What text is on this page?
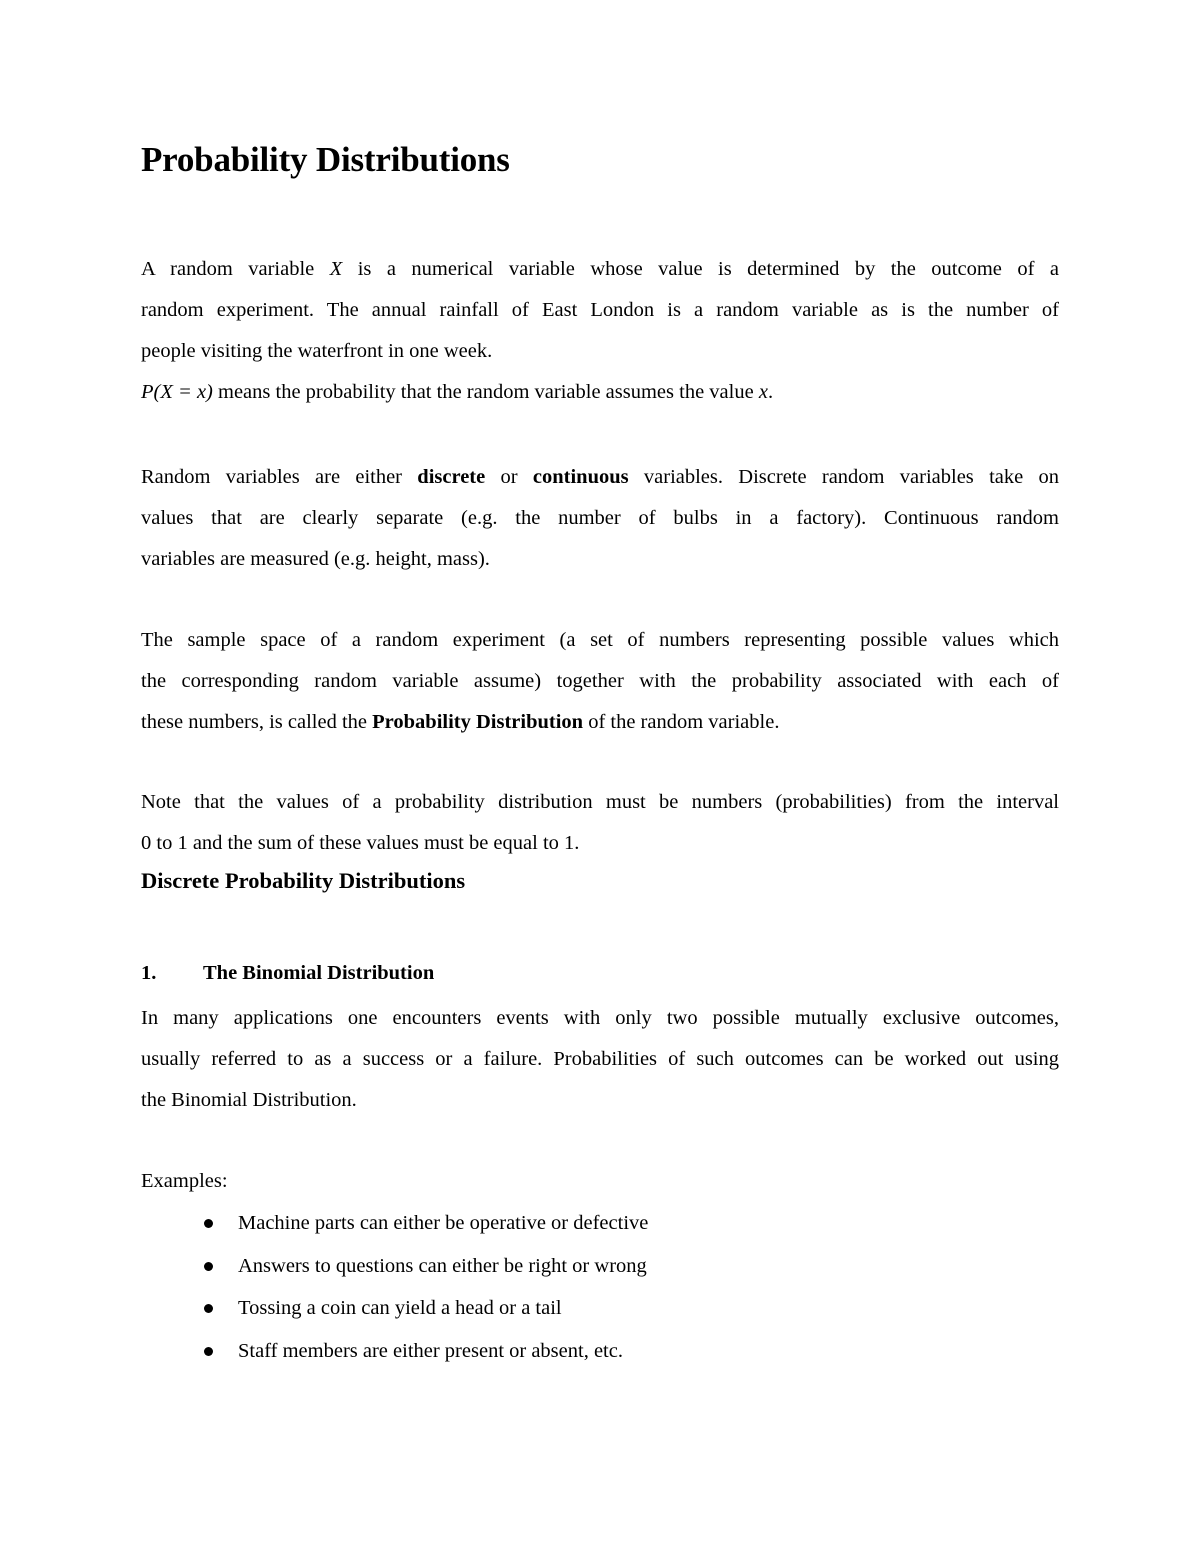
Probability Distributions
A random variable X is a numerical variable whose value is determined by the outcome of a
random experiment. The annual rainfall of East London is a random variable as is the number of
people visiting the waterfront in one week.
P(X = x) means the probability that the random variable assumes the value x.
Random variables are either discrete or continuous variables. Discrete random variables take on
values that are clearly separate (e.g. the number of bulbs in a factory). Continuous random
variables are measured (e.g. height, mass).
The sample space of a random experiment (a set of numbers representing possible values which
the corresponding random variable assume) together with the probability associated with each of
these numbers, is called the Probability Distribution of the random variable.
Note that the values of a probability distribution must be numbers (probabilities) from the interval
0 to 1 and the sum of these values must be equal to 1.
Discrete Probability Distributions
1. The Binomial Distribution
In many applications one encounters events with only two possible mutually exclusive outcomes,
usually referred to as a success or a failure. Probabilities of such outcomes can be worked out using
the Binomial Distribution.
Examples:
Machine parts can either be operative or defective
Answers to questions can either be right or wrong
Tossing a coin can yield a head or a tail
Staff members are either present or absent, etc.
